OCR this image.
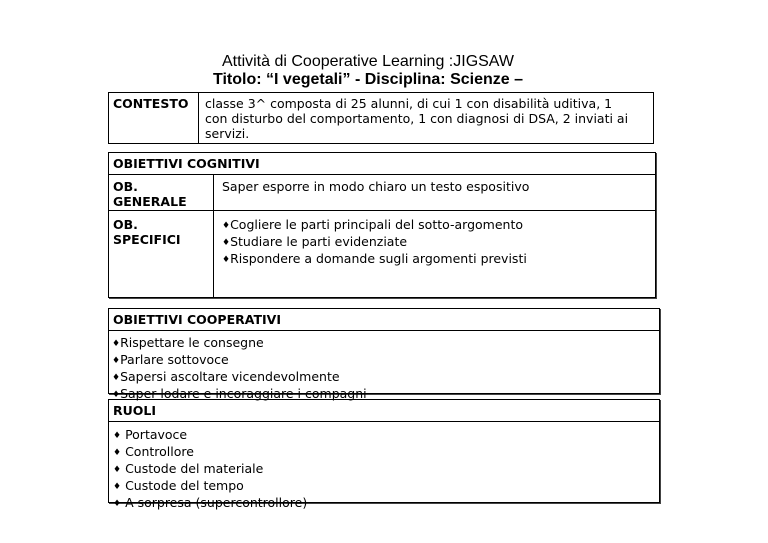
Attività di Cooperative Learning :JIGSAW
Titolo: “I vegetali” - Disciplina: Scienze –
CONTESTO	classe 3^ composta di 25 alunni, di cui 1 con disabilità uditiva, 1
con disturbo del comportamento, 1 con diagnosi di DSA, 2 inviati ai
servizi.
OBIETTIVI COGNITIVI
OB.
GENERALE
Saper esporre in modo chiaro un testo espositivo
OB.
SPECIFICI
♦Cogliere le parti principali del sotto-argomento
♦Studiare le parti evidenziate
♦Rispondere a domande sugli argomenti previsti
OBIETTIVI COOPERATIVI
♦Rispettare le consegne
♦Parlare sottovoce
♦Sapersi ascoltare vicendevolmente
♦Saper lodare e incoraggiare i compagni
RUOLI
♦ Portavoce
♦ Controllore
♦ Custode del materiale
♦ Custode del tempo
♦ A sorpresa (supercontrollore)
